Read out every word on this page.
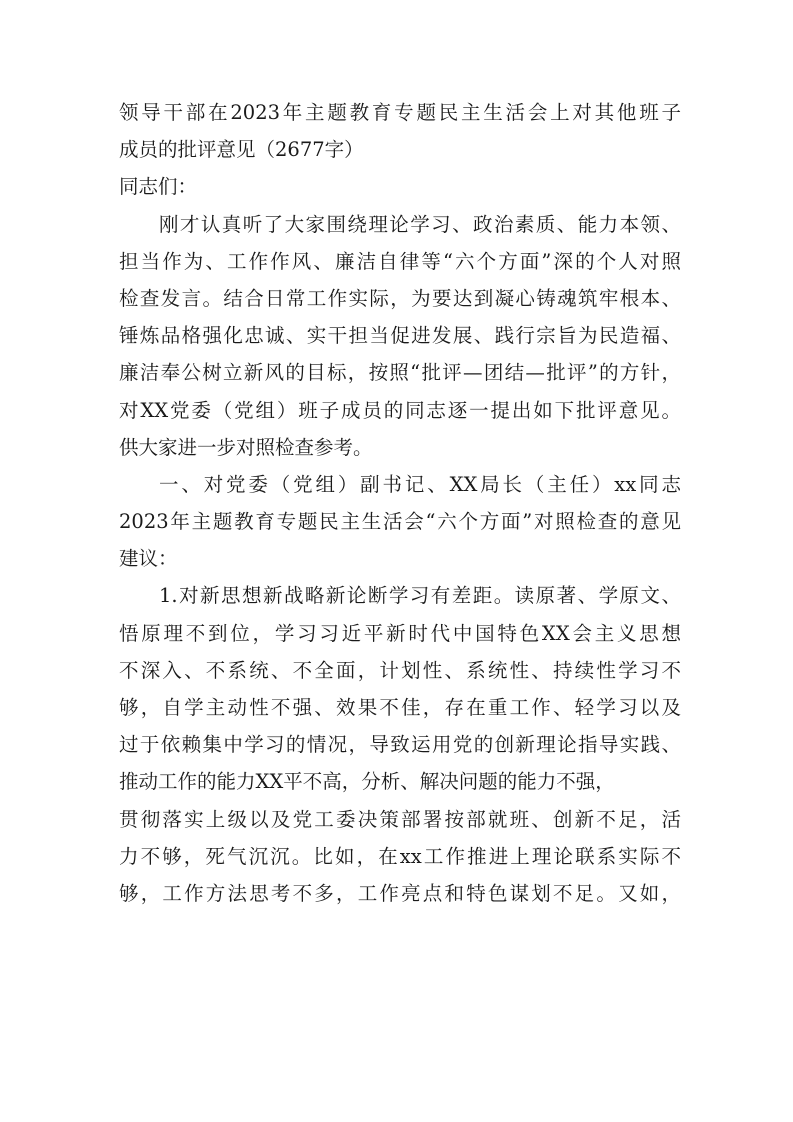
领导干部在2023年主题教育专题民主生活会上对其他班子
成员的批评意见（2677字）
同志们：
刚才认真听了大家围绕理论学习、政治素质、能力本领、
担当作为、工作作风、廉洁自律等“六个方面”深的个人对照
检查发言。结合日常工作实际，为要达到凝心铸魂筑牢根本、
锤炼品格强化忠诚、实干担当促进发展、践行宗旨为民造福、
廉洁奉公树立新风的目标，按照“批评—团结—批评”的方针，
对XX党委（党组）班子成员的同志逐一提出如下批评意见。
供大家进一步对照检查参考。
一、对党委（党组）副书记、XX局长（主任）xx同志
2023年主题教育专题民主生活会“六个方面”对照检查的意见
建议：
1.对新思想新战略新论断学习有差距。读原著、学原文、
悟原理不到位，学习习近平新时代中国特色XX会主义思想
不深入、不系统、不全面，计划性、系统性、持续性学习不
够，自学主动性不强、效果不佳，存在重工作、轻学习以及
过于依赖集中学习的情况，导致运用党的创新理论指导实践、
推动工作的能力XX平不高，分析、解决问题的能力不强，
贯彻落实上级以及党工委决策部署按部就班、创新不足，活
力不够，死气沉沉。比如，在xx工作推进上理论联系实际不
够，工作方法思考不多，工作亮点和特色谋划不足。又如，
